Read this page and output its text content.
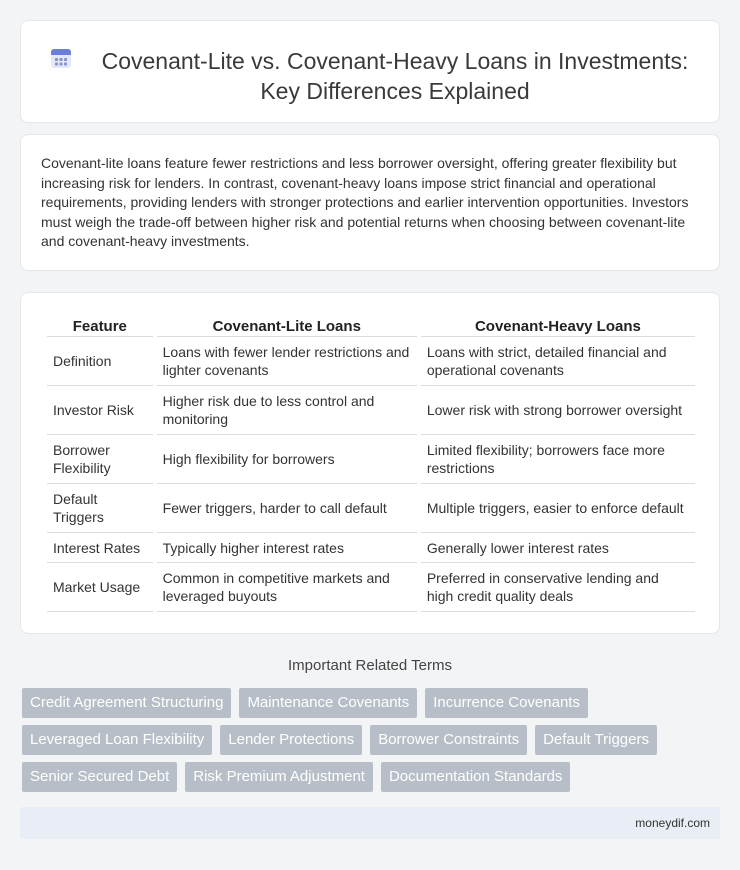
Covenant-Lite vs. Covenant-Heavy Loans in Investments: Key Differences Explained

Covenant-lite loans feature fewer restrictions and less borrower oversight, offering greater flexibility but increasing risk for lenders. In contrast, covenant-heavy loans impose strict financial and operational requirements, providing lenders with stronger protections and earlier intervention opportunities. Investors must weigh the trade-off between higher risk and potential returns when choosing between covenant-lite and covenant-heavy investments.

Feature	Covenant-Lite Loans	Covenant-Heavy Loans
Definition	Loans with fewer lender restrictions and lighter covenants	Loans with strict, detailed financial and operational covenants
Investor Risk	Higher risk due to less control and monitoring	Lower risk with strong borrower oversight
Borrower Flexibility	High flexibility for borrowers	Limited flexibility; borrowers face more restrictions
Default Triggers	Fewer triggers, harder to call default	Multiple triggers, easier to enforce default
Interest Rates	Typically higher interest rates	Generally lower interest rates
Market Usage	Common in competitive markets and leveraged buyouts	Preferred in conservative lending and high credit quality deals
Important Related Terms
Credit Agreement Structuring	Maintenance Covenants	Incurrence Covenants
Leveraged Loan Flexibility	Lender Protections	Borrower Constraints	Default Triggers
Senior Secured Debt	Risk Premium Adjustment	Documentation Standards
moneydif.com
